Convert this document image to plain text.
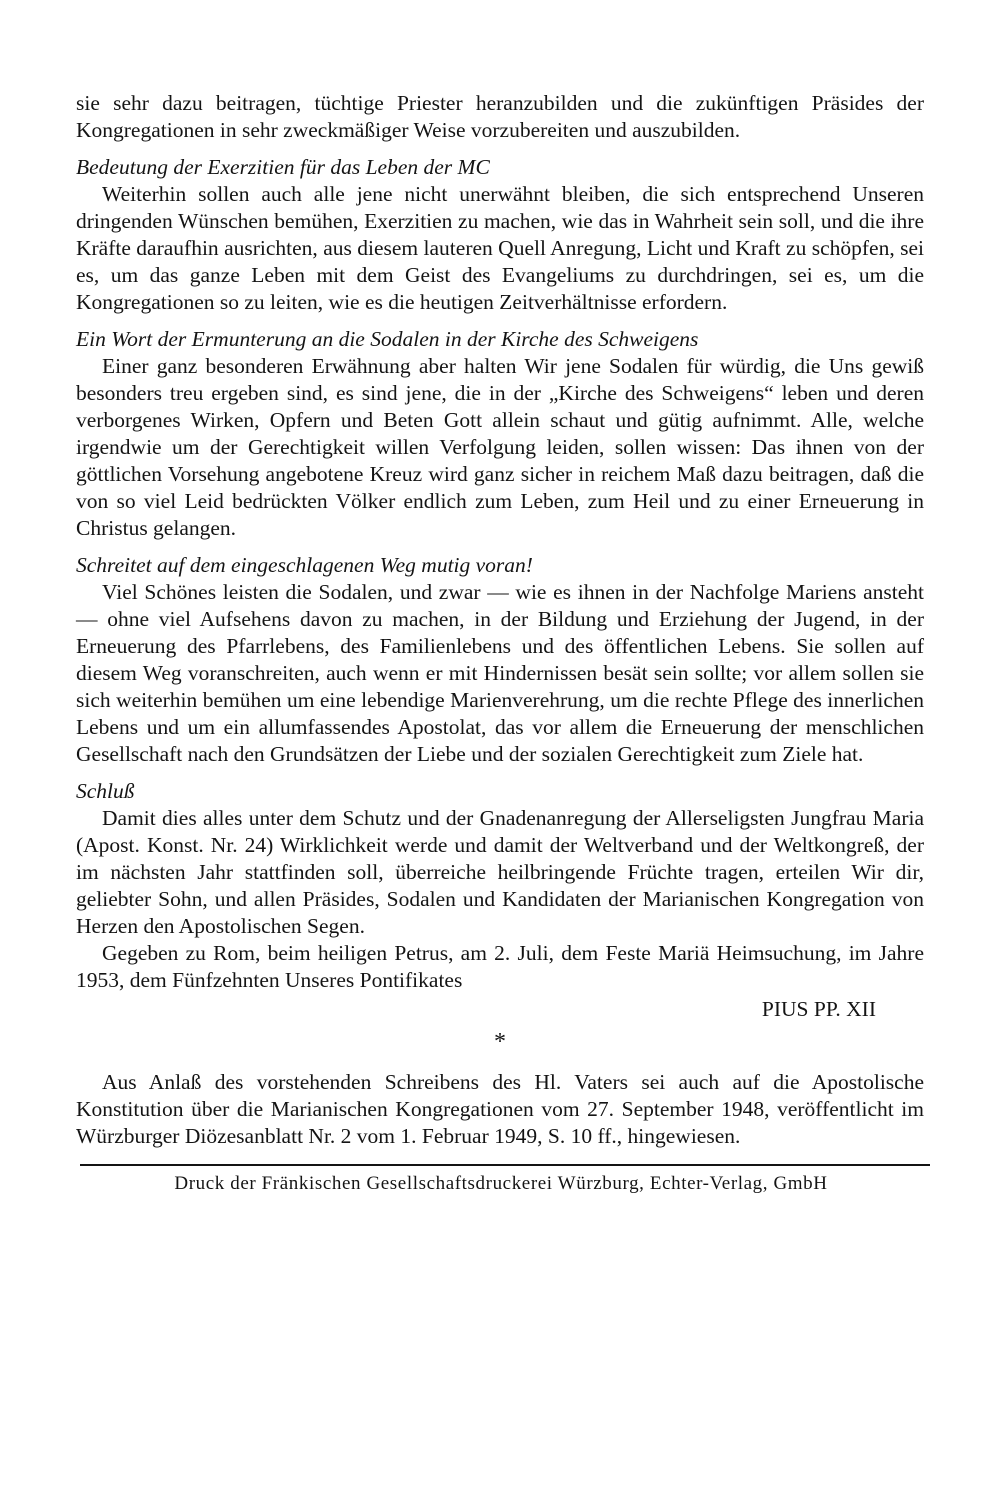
sie sehr dazu beitragen, tüchtige Priester heranzubilden und die zukünftigen Präsides der Kongregationen in sehr zweckmäßiger Weise vorzubereiten und auszubilden.

Bedeutung der Exerzitien für das Leben der MC

Weiterhin sollen auch alle jene nicht unerwähnt bleiben, die sich entsprechend Unseren dringenden Wünschen bemühen, Exerzitien zu machen, wie das in Wahrheit sein soll, und die ihre Kräfte daraufhin ausrichten, aus diesem lauteren Quell Anregung, Licht und Kraft zu schöpfen, sei es, um das ganze Leben mit dem Geist des Evangeliums zu durchdringen, sei es, um die Kongregationen so zu leiten, wie es die heutigen Zeitverhältnisse erfordern.

Ein Wort der Ermunterung an die Sodalen in der Kirche des Schweigens

Einer ganz besonderen Erwähnung aber halten Wir jene Sodalen für würdig, die Uns gewiß besonders treu ergeben sind, es sind jene, die in der „Kirche des Schweigens“ leben und deren verborgenes Wirken, Opfern und Beten Gott allein schaut und gütig aufnimmt. Alle, welche irgendwie um der Gerechtigkeit willen Verfolgung leiden, sollen wissen: Das ihnen von der göttlichen Vorsehung angebotene Kreuz wird ganz sicher in reichem Maß dazu beitragen, daß die von so viel Leid bedrückten Völker endlich zum Leben, zum Heil und zu einer Erneuerung in Christus gelangen.

Schreitet auf dem eingeschlagenen Weg mutig voran!

Viel Schönes leisten die Sodalen, und zwar — wie es ihnen in der Nachfolge Mariens ansteht — ohne viel Aufsehens davon zu machen, in der Bildung und Erziehung der Jugend, in der Erneuerung des Pfarrlebens, des Familienlebens und des öffentlichen Lebens. Sie sollen auf diesem Weg voranschreiten, auch wenn er mit Hindernissen besät sein sollte; vor allem sollen sie sich weiterhin bemühen um eine lebendige Marienverehrung, um die rechte Pflege des innerlichen Lebens und um ein allumfassendes Apostolat, das vor allem die Erneuerung der menschlichen Gesellschaft nach den Grundsätzen der Liebe und der sozialen Gerechtigkeit zum Ziele hat.

Schluß

Damit dies alles unter dem Schutz und der Gnadenanregung der Allerseligsten Jungfrau Maria (Apost. Konst. Nr. 24) Wirklichkeit werde und damit der Weltverband und der Weltkongreß, der im nächsten Jahr stattfinden soll, überreiche heilbringende Früchte tragen, erteilen Wir dir, geliebter Sohn, und allen Präsides, Sodalen und Kandidaten der Marianischen Kongregation von Herzen den Apostolischen Segen.

Gegeben zu Rom, beim heiligen Petrus, am 2. Juli, dem Feste Mariä Heimsuchung, im Jahre 1953, dem Fünfzehnten Unseres Pontifikates

PIUS PP. XII
*

Aus Anlaß des vorstehenden Schreibens des Hl. Vaters sei auch auf die Apostolische Konstitution über die Marianischen Kongregationen vom 27. September 1948, veröffentlicht im Würzburger Diözesanblatt Nr. 2 vom 1. Februar 1949, S. 10 ff., hingewiesen.

Druck der Fränkischen Gesellschaftsdruckerei Würzburg, Echter-Verlag, GmbH
